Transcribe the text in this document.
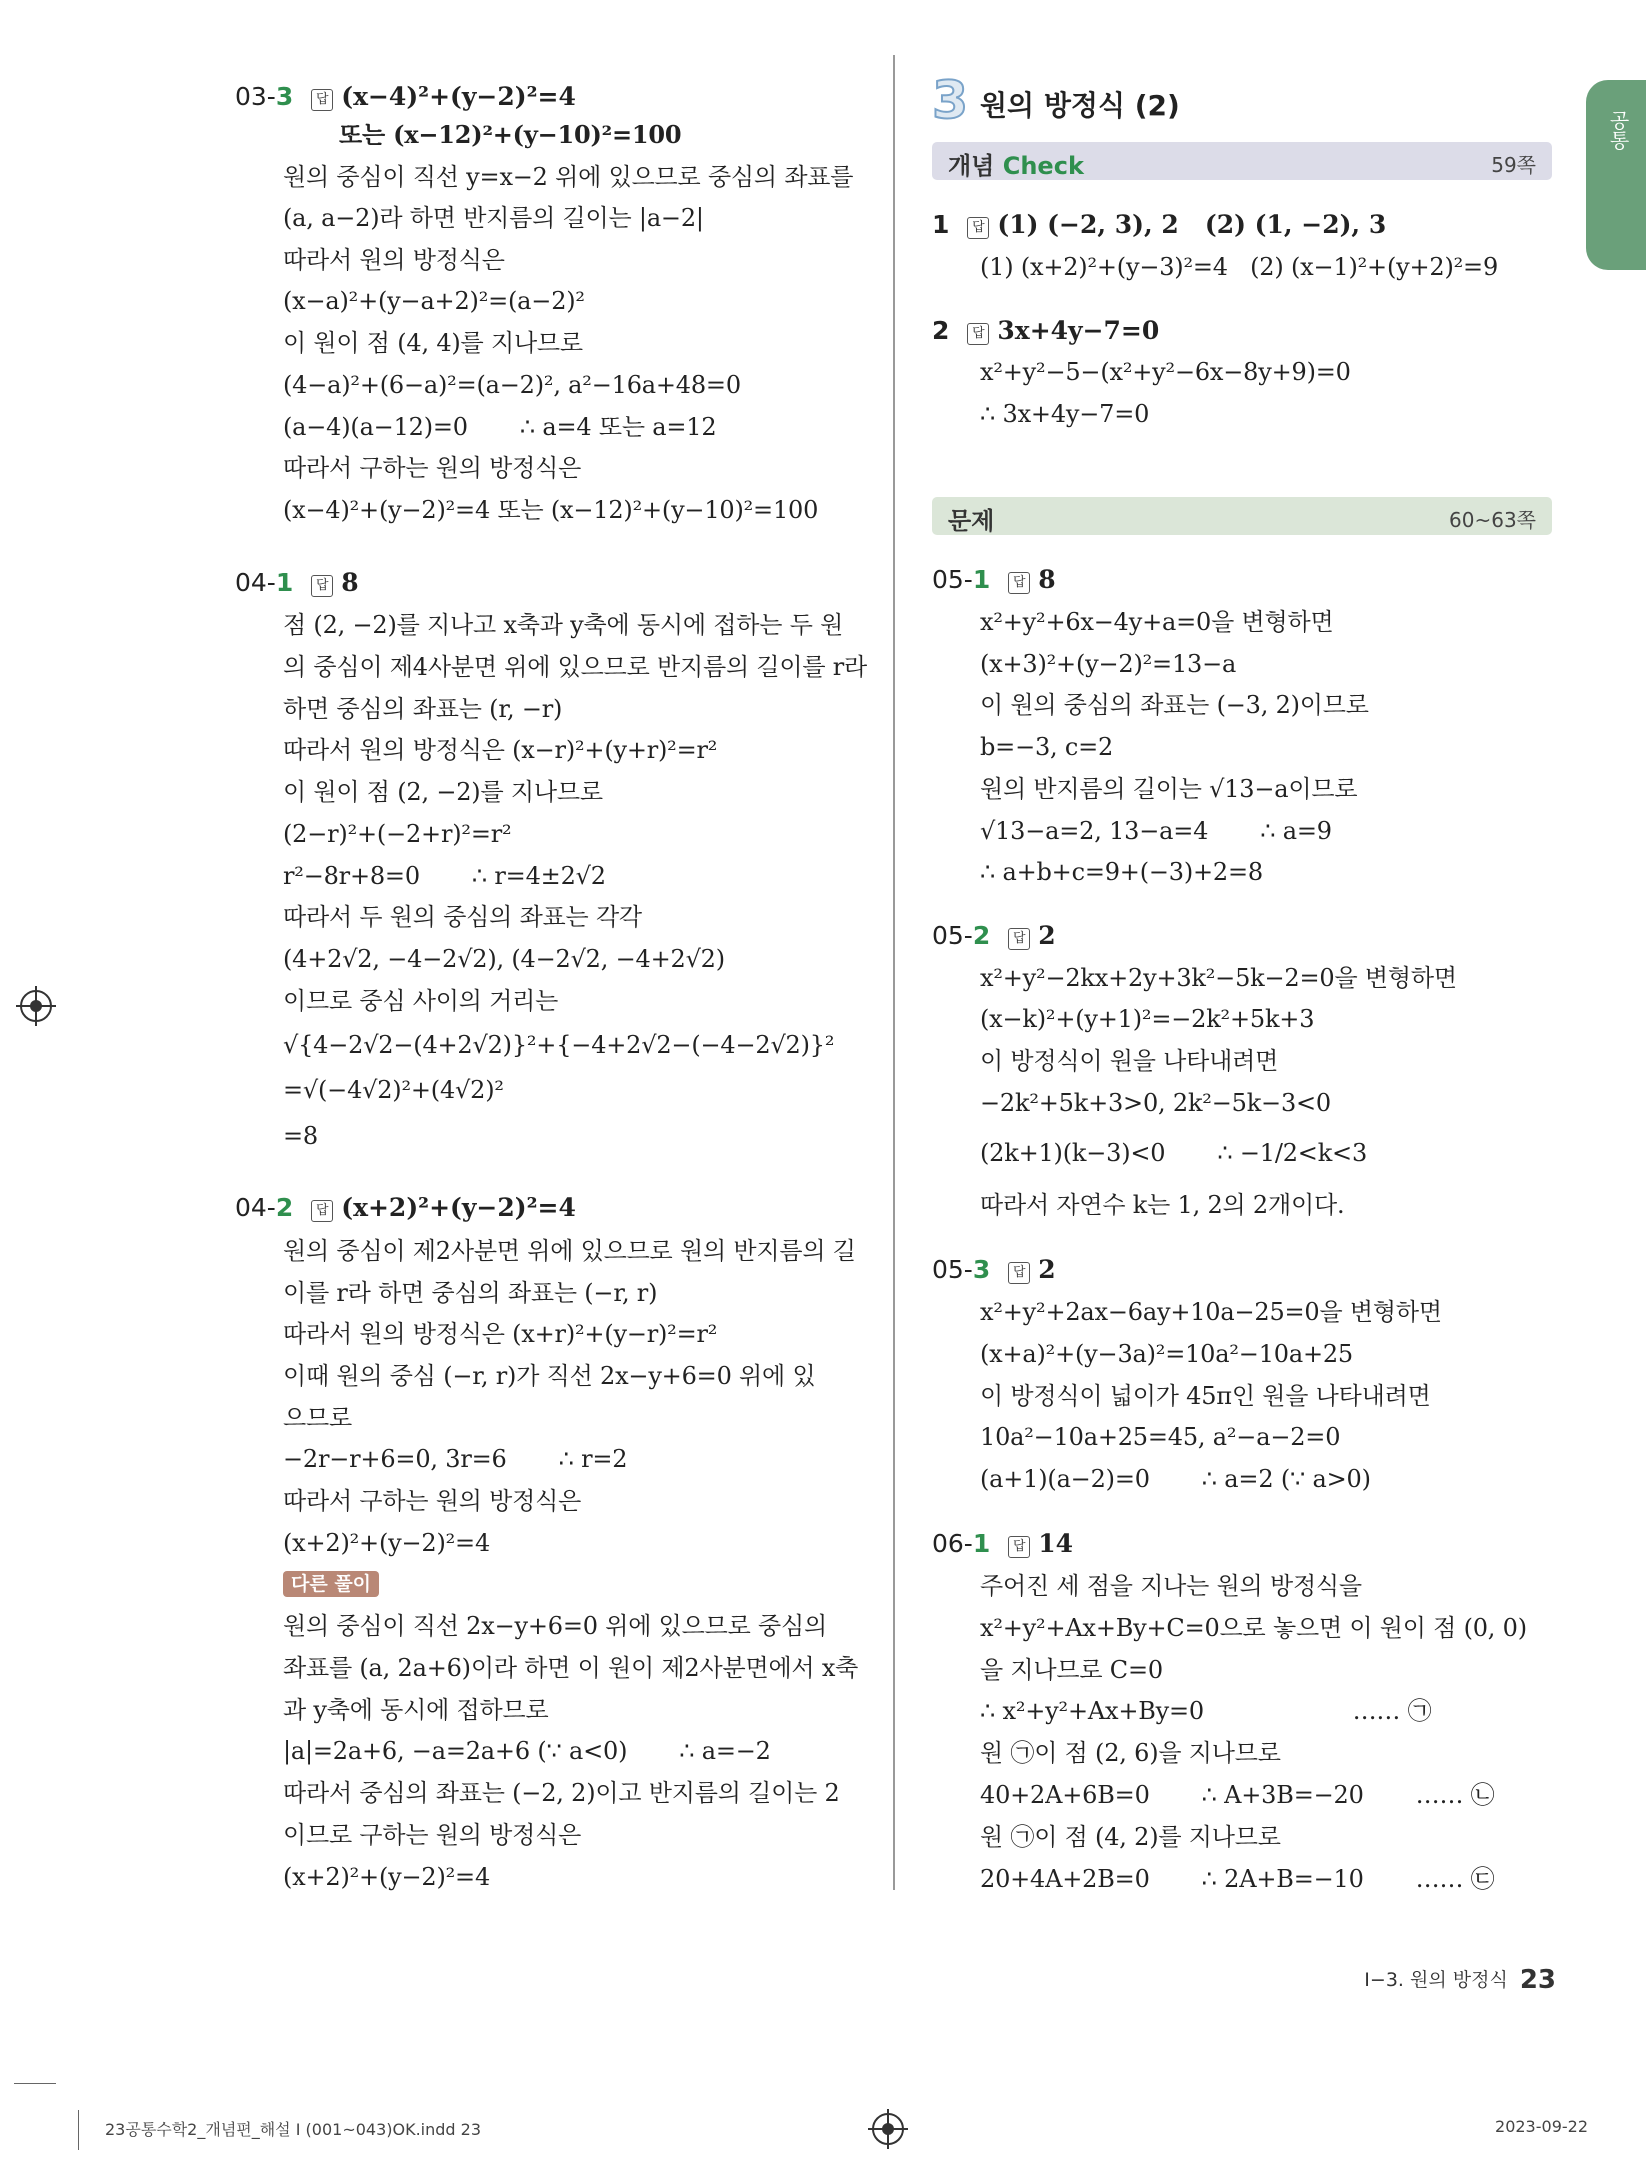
03-3 답 (x−4)²+(y−2)²=4
또는 (x−12)²+(y−10)²=100
원의 중심이 직선 y=x−2 위에 있으므로 중심의 좌표를
(a, a−2)라 하면 반지름의 길이는 |a−2|
따라서 원의 방정식은
(x−a)²+(y−a+2)²=(a−2)²
이 원이 점 (4, 4)를 지나므로
(4−a)²+(6−a)²=(a−2)², a²−16a+48=0
(a−4)(a−12)=0       ∴ a=4 또는 a=12
따라서 구하는 원의 방정식은
(x−4)²+(y−2)²=4 또는 (x−12)²+(y−10)²=100
04-1 답 8
점 (2, −2)를 지나고 x축과 y축에 동시에 접하는 두 원
의 중심이 제4사분면 위에 있으므로 반지름의 길이를 r라
하면 중심의 좌표는 (r, −r)
따라서 원의 방정식은 (x−r)²+(y+r)²=r²
이 원이 점 (2, −2)를 지나므로
(2−r)²+(−2+r)²=r²
r²−8r+8=0       ∴ r=4±2√2
따라서 두 원의 중심의 좌표는 각각
(4+2√2, −4−2√2), (4−2√2, −4+2√2)
이므로 중심 사이의 거리는
√{4−2√2−(4+2√2)}²+{−4+2√2−(−4−2√2)}²
=√(−4√2)²+(4√2)²
=8
04-2 답 (x+2)²+(y−2)²=4
원의 중심이 제2사분면 위에 있으므로 원의 반지름의 길
이를 r라 하면 중심의 좌표는 (−r, r)
따라서 원의 방정식은 (x+r)²+(y−r)²=r²
이때 원의 중심 (−r, r)가 직선 2x−y+6=0 위에 있
으므로
−2r−r+6=0, 3r=6       ∴ r=2
따라서 구하는 원의 방정식은
(x+2)²+(y−2)²=4
원의 중심이 직선 2x−y+6=0 위에 있으므로 중심의
좌표를 (a, 2a+6)이라 하면 이 원이 제2사분면에서 x축
과 y축에 동시에 접하므로
|a|=2a+6, −a=2a+6 (∵ a<0)       ∴ a=−2
따라서 중심의 좌표는 (−2, 2)이고 반지름의 길이는 2
이므로 구하는 원의 방정식은
(x+2)²+(y−2)²=4
다른 풀이
3 원의 방정식 (2)
개념 Check	59쪽
1 답 (1) (−2, 3), 2   (2) (1, −2), 3
(1) (x+2)²+(y−3)²=4   (2) (x−1)²+(y+2)²=9
2 답 3x+4y−7=0
x²+y²−5−(x²+y²−6x−8y+9)=0
∴ 3x+4y−7=0
05-1 답 8
x²+y²+6x−4y+a=0을 변형하면
(x+3)²+(y−2)²=13−a
이 원의 중심의 좌표는 (−3, 2)이므로
b=−3, c=2
원의 반지름의 길이는 √13−a이므로
√13−a=2, 13−a=4       ∴ a=9
∴ a+b+c=9+(−3)+2=8
05-2 답 2
x²+y²−2kx+2y+3k²−5k−2=0을 변형하면
(x−k)²+(y+1)²=−2k²+5k+3
이 방정식이 원을 나타내려면
−2k²+5k+3>0, 2k²−5k−3<0
(2k+1)(k−3)<0       ∴ −1/2<k<3
따라서 자연수 k는 1, 2의 2개이다.
05-3 답 2
x²+y²+2ax−6ay+10a−25=0을 변형하면
(x+a)²+(y−3a)²=10a²−10a+25
이 방정식이 넓이가 45π인 원을 나타내려면
10a²−10a+25=45, a²−a−2=0
(a+1)(a−2)=0       ∴ a=2 (∵ a>0)
06-1 답 14
주어진 세 점을 지나는 원의 방정식을
x²+y²+Ax+By+C=0으로 놓으면 이 원이 점 (0, 0)
을 지나므로 C=0
∴ x²+y²+Ax+By=0                    …… ㉠
원 ㉠이 점 (2, 6)을 지나므로
40+2A+6B=0       ∴ A+3B=−20       …… ㉡
원 ㉠이 점 (4, 2)를 지나므로
20+4A+2B=0       ∴ 2A+B=−10       …… ㉢
문제	60~63쪽
공통
I−3. 원의 방정식 23
23공통수학2_개념편_해설 I (001~043)OK.indd 23	2023-09-22
